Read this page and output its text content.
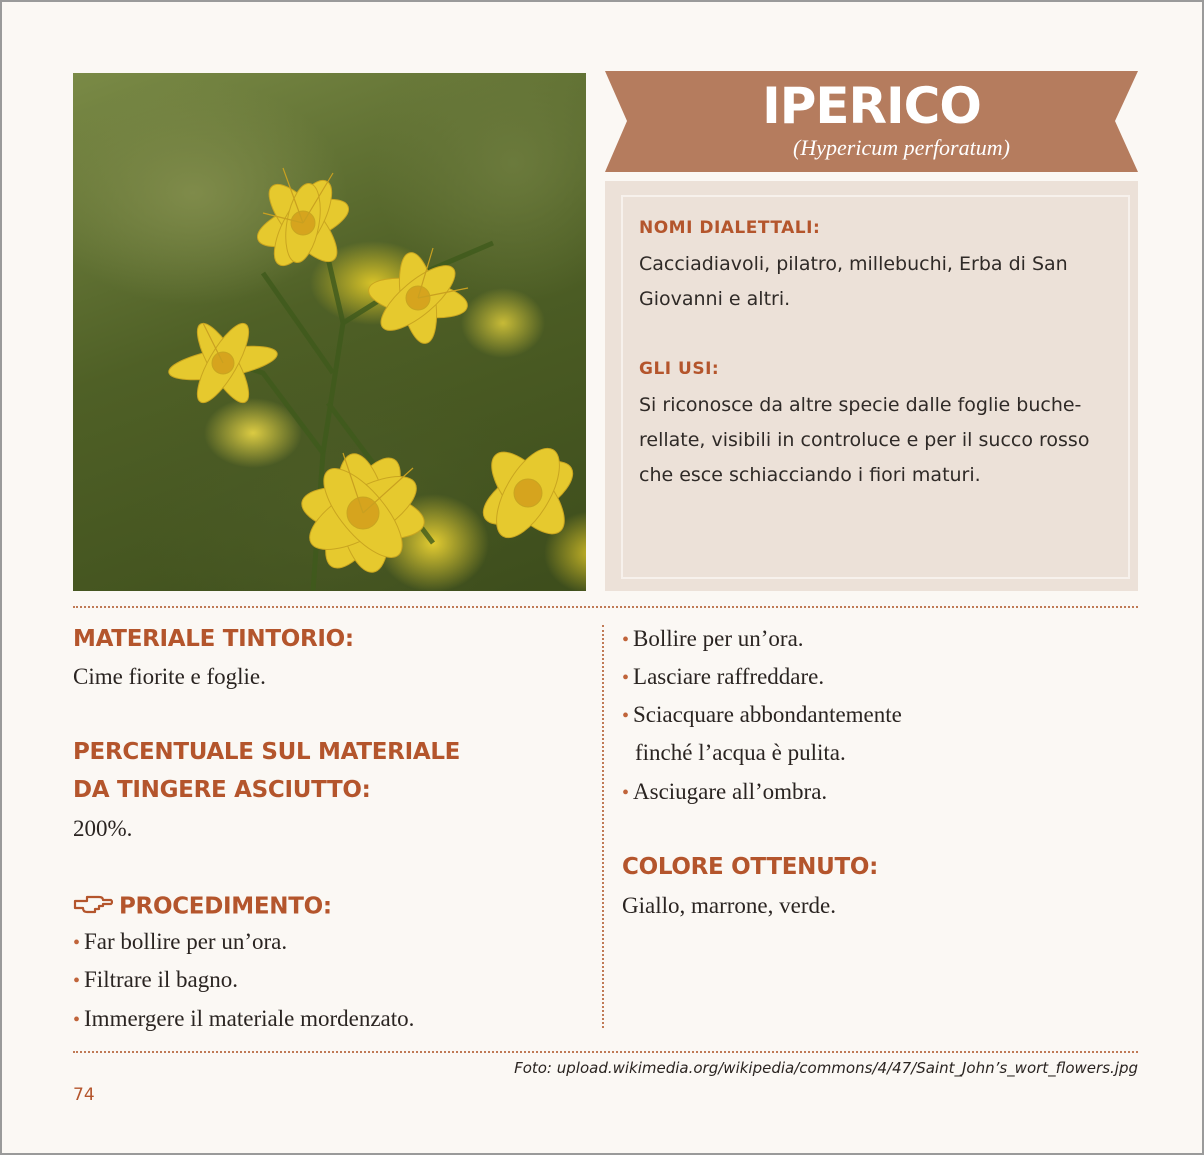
IPERICO
(Hypericum perforatum)
NOMI DIALETTALI:
Cacciadiavoli, pilatro, millebuchi, Erba di San
Giovanni e altri.
GLI USI:
Si riconosce da altre specie dalle foglie buche-
rellate, visibili in controluce e per il succo rosso
che esce schiacciando i fiori maturi.
MATERIALE TINTORIO:
Cime fiorite e foglie.
PERCENTUALE SUL MATERIALE
DA TINGERE ASCIUTTO:
200%.
PROCEDIMENTO:
• Far bollire per un’ora.
• Filtrare il bagno.
• Immergere il materiale mordenzato.
• Bollire per un’ora.
• Lasciare raffreddare.
• Sciacquare abbondantemente
finché l’acqua è pulita.
• Asciugare all’ombra.
COLORE OTTENUTO:
Giallo, marrone, verde.
Foto: upload.wikimedia.org/wikipedia/commons/4/47/Saint_John’s_wort_flowers.jpg
74
